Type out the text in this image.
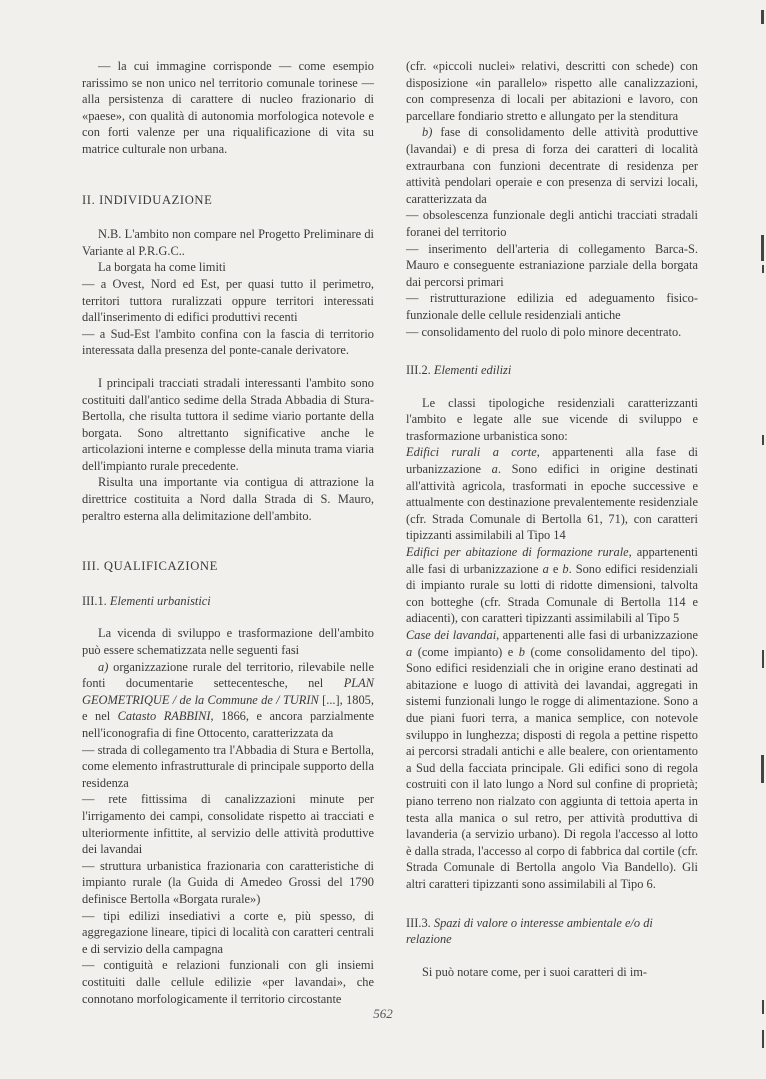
— la cui immagine corrisponde — come esempio rarissimo se non unico nel territorio comunale torinese — alla persistenza di carattere di nucleo frazionario di «paese», con qualità di autonomia morfologica notevole e con forti valenze per una riqualificazione di vita su matrice culturale non urbana.

II. INDIVIDUAZIONE

N.B. L'ambito non compare nel Progetto Preliminare di Variante al P.R.G.C..

La borgata ha come limiti

— a Ovest, Nord ed Est, per quasi tutto il perimetro, territori tuttora ruralizzati oppure territori interessati dall'inserimento di edifici produttivi recenti

— a Sud-Est l'ambito confina con la fascia di territorio interessata dalla presenza del ponte-canale derivatore.

I principali tracciati stradali interessanti l'ambito sono costituiti dall'antico sedime della Strada Abbadia di Stura-Bertolla, che risulta tuttora il sedime viario portante della borgata. Sono altrettanto significative anche le articolazioni interne e complesse della minuta trama viaria dell'impianto rurale precedente.

Risulta una importante via contigua di attrazione la direttrice costituita a Nord dalla Strada di S. Mauro, peraltro esterna alla delimitazione dell'ambito.

III. QUALIFICAZIONE
III.1. Elementi urbanistici

La vicenda di sviluppo e trasformazione dell'ambito può essere schematizzata nelle seguenti fasi

a) organizzazione rurale del territorio, rilevabile nelle fonti documentarie settecentesche, nel PLAN GEOMETRIQUE / de la Commune de / TURIN [...], 1805, e nel Catasto RABBINI, 1866, e ancora parzialmente nell'iconografia di fine Ottocento, caratterizzata da

— strada di collegamento tra l'Abbadia di Stura e Bertolla, come elemento infrastrutturale di principale supporto della residenza

— rete fittissima di canalizzazioni minute per l'irrigamento dei campi, consolidate rispetto ai tracciati e ulteriormente infittite, al servizio delle attività produttive dei lavandai

— struttura urbanistica frazionaria con caratteristiche di impianto rurale (la Guida di Amedeo Grossi del 1790 definisce Bertolla «Borgata rurale»)

— tipi edilizi insediativi a corte e, più spesso, di aggregazione lineare, tipici di località con caratteri centrali e di servizio della campagna

— contiguità e relazioni funzionali con gli insiemi costituiti dalle cellule edilizie «per lavandai», che connotano morfologicamente il territorio circostante

(cfr. «piccoli nuclei» relativi, descritti con schede) con disposizione «in parallelo» rispetto alle canalizzazioni, con compresenza di locali per abitazioni e lavoro, con parcellare fondiario stretto e allungato per la stenditura

b) fase di consolidamento delle attività produttive (lavandai) e di presa di forza dei caratteri di località extraurbana con funzioni decentrate di residenza per attività pendolari operaie e con presenza di servizi locali, caratterizzata da

— obsolescenza funzionale degli antichi tracciati stradali foranei del territorio

— inserimento dell'arteria di collegamento Barca-S. Mauro e conseguente estraniazione parziale della borgata dai percorsi primari

— ristrutturazione edilizia ed adeguamento fisico-funzionale delle cellule residenziali antiche

— consolidamento del ruolo di polo minore decentrato.

III.2. Elementi edilizi

Le classi tipologiche residenziali caratterizzanti l'ambito e legate alle sue vicende di sviluppo e trasformazione urbanistica sono:

Edifici rurali a corte, appartenenti alla fase di urbanizzazione a. Sono edifici in origine destinati all'attività agricola, trasformati in epoche successive e attualmente con destinazione prevalentemente residenziale (cfr. Strada Comunale di Bertolla 61, 71), con caratteri tipizzanti assimilabili al Tipo 14

Edifici per abitazione di formazione rurale, appartenenti alle fasi di urbanizzazione a e b. Sono edifici residenziali di impianto rurale su lotti di ridotte dimensioni, talvolta con botteghe (cfr. Strada Comunale di Bertolla 114 e adiacenti), con caratteri tipizzanti assimilabili al Tipo 5

Case dei lavandai, appartenenti alle fasi di urbanizzazione a (come impianto) e b (come consolidamento del tipo). Sono edifici residenziali che in origine erano destinati ad abitazione e luogo di attività dei lavandai, aggregati in sistemi funzionali lungo le rogge di alimentazione. Sono a due piani fuori terra, a manica semplice, con notevole sviluppo in lunghezza; disposti di regola a pettine rispetto ai percorsi stradali antichi e alle bealere, con orientamento a Sud della facciata principale. Gli edifici sono di regola costruiti con il lato lungo a Nord sul confine di proprietà; piano terreno non rialzato con aggiunta di tettoia aperta in testa alla manica o sul retro, per attività produttiva di lavanderia (a servizio urbano). Di regola l'accesso al lotto è dalla strada, l'accesso al corpo di fabbrica dal cortile (cfr. Strada Comunale di Bertolla angolo Via Bandello). Gli altri caratteri tipizzanti sono assimilabili al Tipo 6.

III.3. Spazi di valore o interesse ambientale e/o di relazione

Si può notare come, per i suoi caratteri di im-

562
